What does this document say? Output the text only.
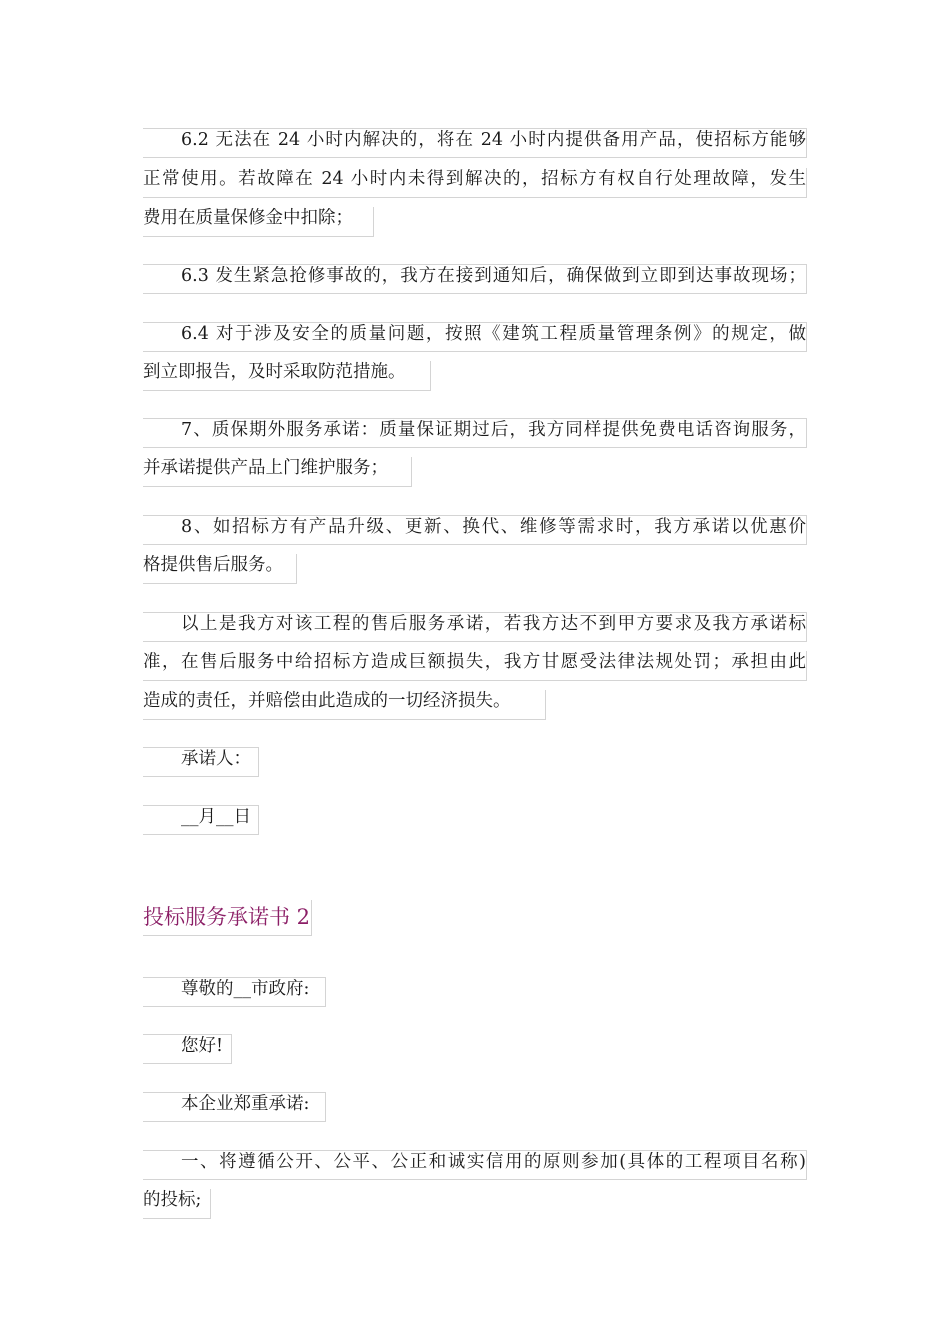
6.2 无法在 24 小时内解决的，将在 24 小时内提供备用产品，使招标方能够
正常使用。若故障在 24 小时内未得到解决的，招标方有权自行处理故障，发生
费用在质量保修金中扣除；
6.3 发生紧急抢修事故的，我方在接到通知后，确保做到立即到达事故现场；
6.4 对于涉及安全的质量问题，按照《建筑工程质量管理条例》的规定，做
到立即报告，及时采取防范措施。
7、质保期外服务承诺：质量保证期过后，我方同样提供免费电话咨询服务，
并承诺提供产品上门维护服务；
8、如招标方有产品升级、更新、换代、维修等需求时，我方承诺以优惠价
格提供售后服务。
以上是我方对该工程的售后服务承诺，若我方达不到甲方要求及我方承诺标
准，在售后服务中给招标方造成巨额损失，我方甘愿受法律法规处罚；承担由此
造成的责任，并赔偿由此造成的一切经济损失。
承诺人：
__月__日
投标服务承诺书 2
尊敬的__市政府:
您好!
本企业郑重承诺:
一、将遵循公开、公平、公正和诚实信用的原则参加(具体的工程项目名称)
的投标;
